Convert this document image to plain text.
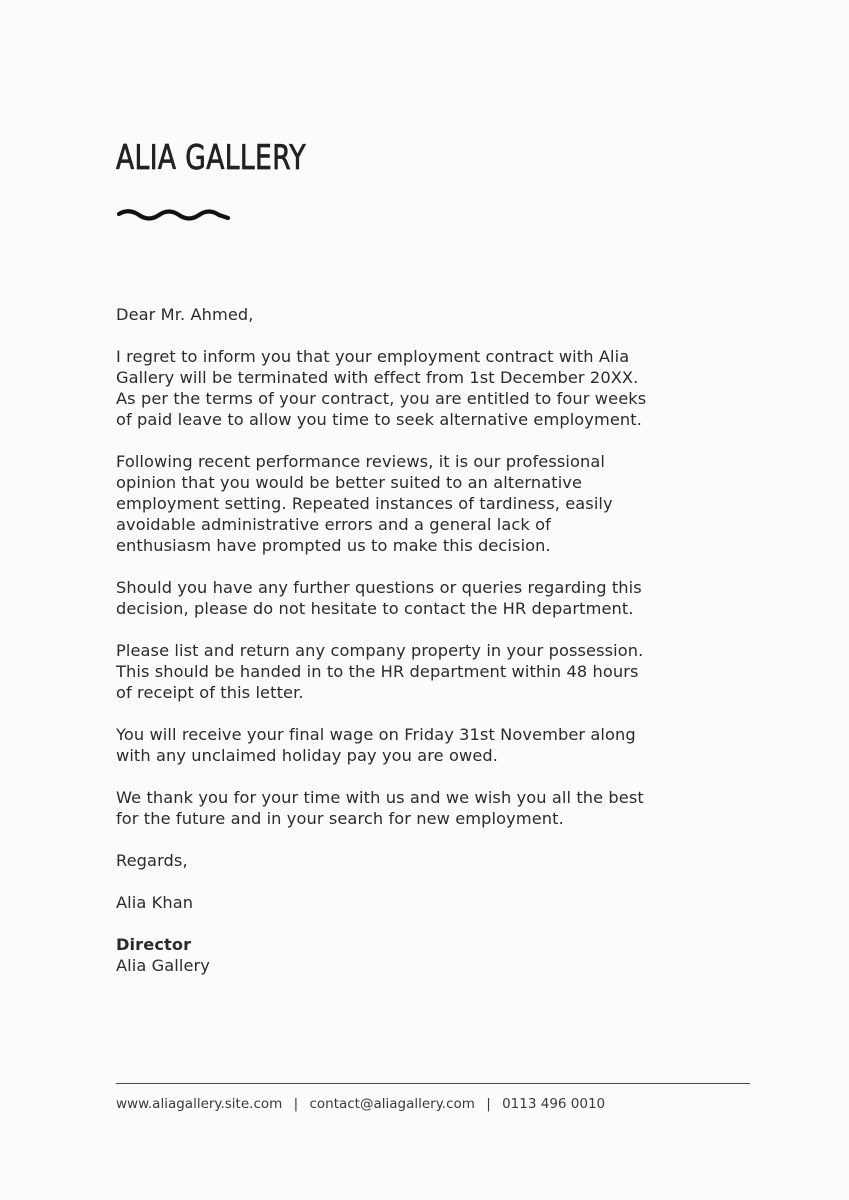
ALIA GALLERY

Dear Mr. Ahmed,

I regret to inform you that your employment contract with Alia
Gallery will be terminated with effect from 1st December 20XX.
As per the terms of your contract, you are entitled to four weeks
of paid leave to allow you time to seek alternative employment.

Following recent performance reviews, it is our professional
opinion that you would be better suited to an alternative
employment setting. Repeated instances of tardiness, easily
avoidable administrative errors and a general lack of
enthusiasm have prompted us to make this decision.

Should you have any further questions or queries regarding this
decision, please do not hesitate to contact the HR department.

Please list and return any company property in your possession.
This should be handed in to the HR department within 48 hours
of receipt of this letter.

You will receive your final wage on Friday 31st November along
with any unclaimed holiday pay you are owed.

We thank you for your time with us and we wish you all the best
for the future and in your search for new employment.

Regards,

Alia Khan

Director

Alia Gallery

www.aliagallery.site.com | contact@aliagallery.com | 0113 496 0010
